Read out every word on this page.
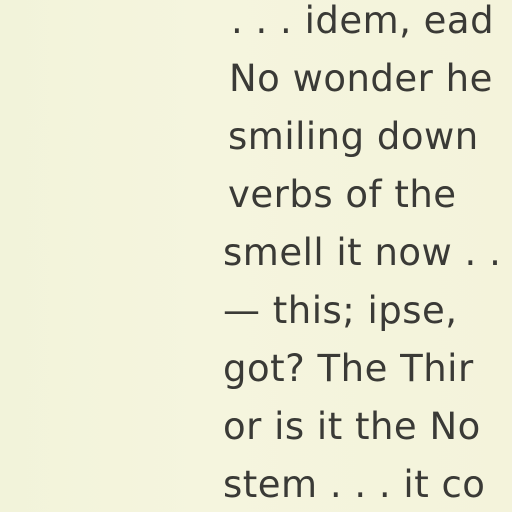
. . . idem, ead
No wonder he
smiling down
verbs of the
smell it now . .
— this; ipse,
got? The Thir
or is it the No
stem . . . it co
